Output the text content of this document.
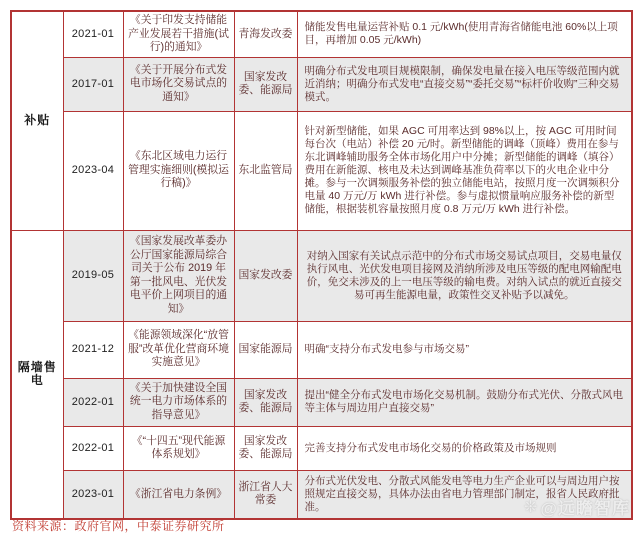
补贴	2021-01	《关于印发支持储能产业发展若干措施(试行)的通知》	青海发改委	储能发售电量运营补贴 0.1 元/kWh(使用青海省储能电池 60%以上项目，再增加 0.05 元/kWh)
	2017-01	《关于开展分布式发电市场化交易试点的通知》	国家发改委、能源局	明确分布式发电项目规模限制，确保发电量在接入电压等级范围内就近消纳；明确分布式发电“直接交易”“委托交易”“标杆价收购”三种交易模式。
	2023-04	《东北区域电力运行管理实施细则(模拟运行稿)》	东北监管局	针对新型储能，如果 AGC 可用率达到 98%以上，按 AGC 可用时间每台次（电站）补偿 20 元/时。新型储能的调峰（顶峰）费用在参与东北调峰辅助服务全体市场化用户中分摊；新型储能的调峰（填谷）费用在新能源、核电及未达到调峰基准负荷率以下的火电企业中分摊。参与一次调频服务补偿的独立储能电站，按照月度一次调频积分电量 40 万元/万 kWh 进行补偿。参与虚拟惯量响应服务补偿的新型储能，根据装机容量按照月度 0.8 万元/万 kWh 进行补偿。
隔墙售电	2019-05	《国家发展改革委办公厅国家能源局综合司关于公布 2019 年第一批风电、光伏发电平价上网项目的通知》	国家发改委	对纳入国家有关试点示范中的分布式市场交易试点项目，交易电量仅执行风电、光伏发电项目接网及消纳所涉及电压等级的配电网输配电价，免交未涉及的上一电压等级的输电费。对纳入试点的就近直接交易可再生能源电量，政策性交叉补贴予以减免。
	2021-12	《能源领域深化“放管服”改革优化营商环境实施意见》	国家能源局	明确“支持分布式发电参与市场交易”
	2022-01	《关于加快建设全国统一电力市场体系的指导意见》	国家发改委、能源局	提出“健全分布式发电市场化交易机制。鼓励分布式光伏、分散式风电等主体与周边用户直接交易”
	2022-01	《“十四五”现代能源体系规划》	国家发改委、能源局	完善支持分布式发电市场化交易的价格政策及市场规则
	2023-01	《浙江省电力条例》	浙江省人大常委	分布式光伏发电、分散式风能发电等电力生产企业可以与周边用户按照规定直接交易，具体办法由省电力管理部门制定，报省人民政府批准。
资料来源：政府官网，中泰证券研究所
❊ @远瞻智库
